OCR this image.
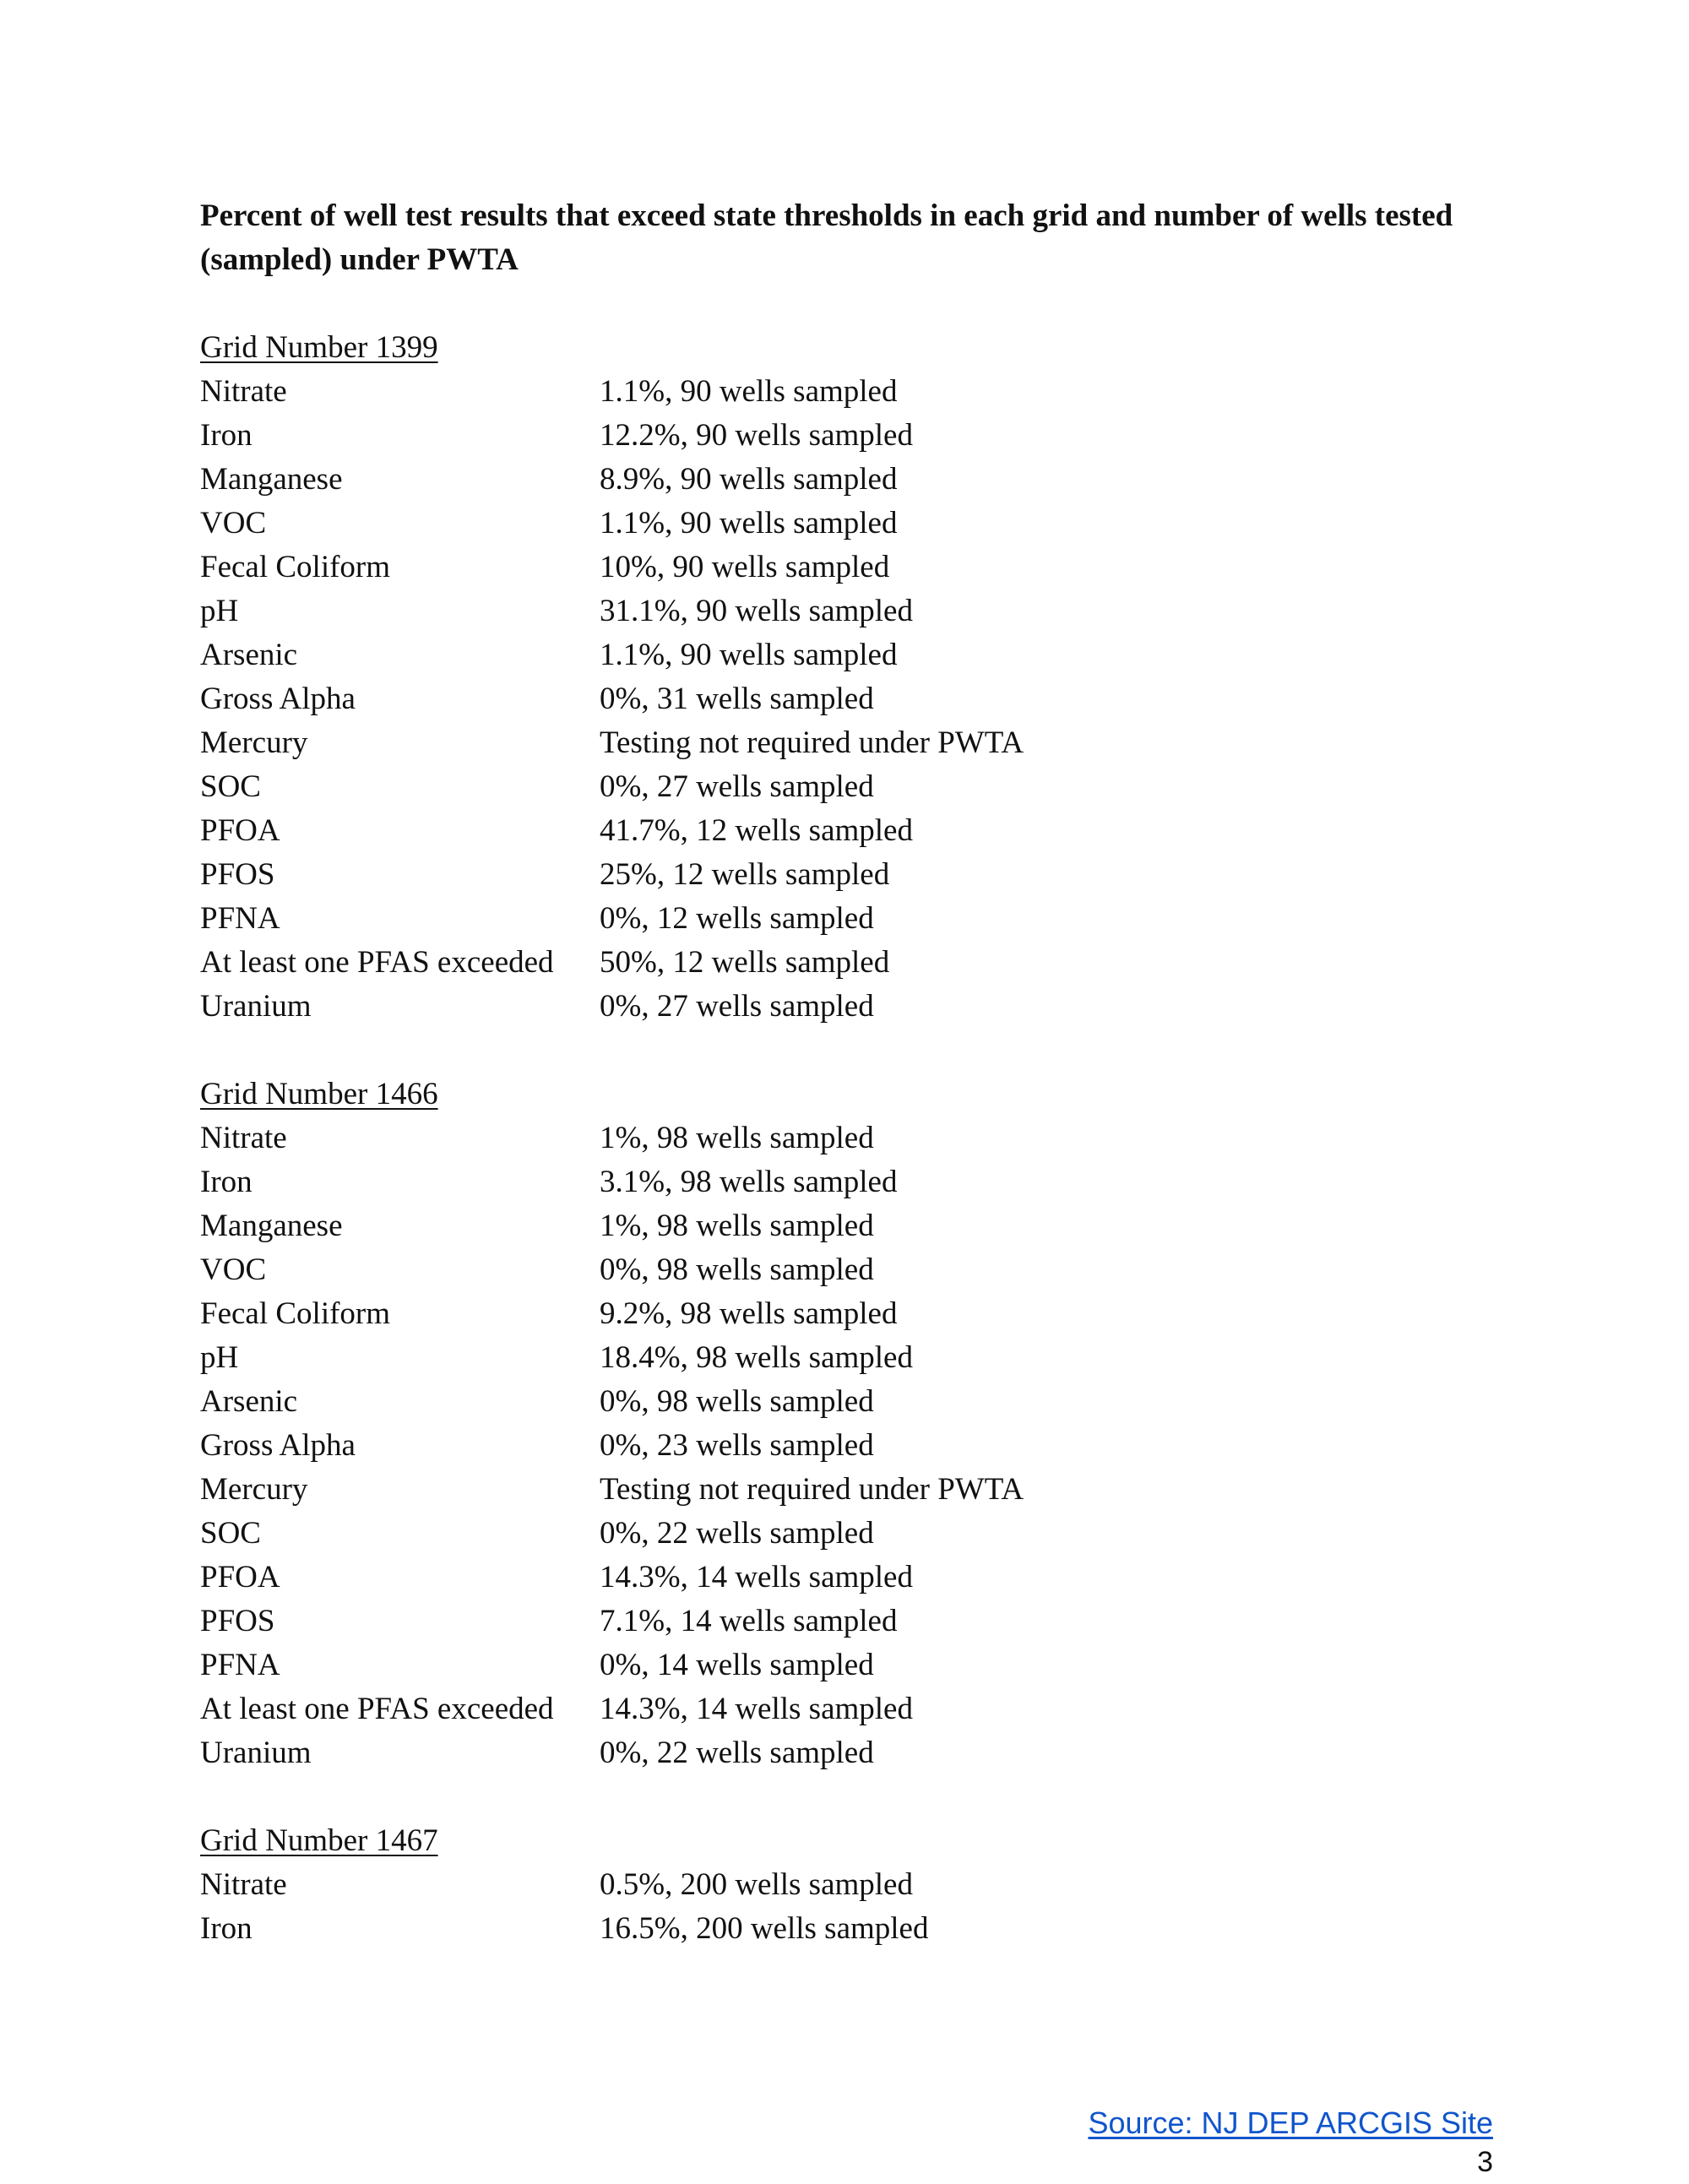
Percent of well test results that exceed state thresholds in each grid and number of wells tested (sampled) under PWTA

Grid Number 1399

Nitrate	1.1%, 90 wells sampled
Iron	12.2%, 90 wells sampled
Manganese	8.9%, 90 wells sampled
VOC	1.1%, 90 wells sampled
Fecal Coliform	10%, 90 wells sampled
pH	31.1%, 90 wells sampled
Arsenic	1.1%, 90 wells sampled
Gross Alpha	0%, 31 wells sampled
Mercury	Testing not required under PWTA
SOC	0%, 27 wells sampled
PFOA	41.7%, 12 wells sampled
PFOS	25%, 12 wells sampled
PFNA	0%, 12 wells sampled
At least one PFAS exceeded	50%, 12 wells sampled
Uranium	0%, 27 wells sampled

Grid Number 1466

Nitrate	1%, 98 wells sampled
Iron	3.1%, 98 wells sampled
Manganese	1%, 98 wells sampled
VOC	0%, 98 wells sampled
Fecal Coliform	9.2%, 98 wells sampled
pH	18.4%, 98 wells sampled
Arsenic	0%, 98 wells sampled
Gross Alpha	0%, 23 wells sampled
Mercury	Testing not required under PWTA
SOC	0%, 22 wells sampled
PFOA	14.3%, 14 wells sampled
PFOS	7.1%, 14 wells sampled
PFNA	0%, 14 wells sampled
At least one PFAS exceeded	14.3%, 14 wells sampled
Uranium	0%, 22 wells sampled

Grid Number 1467

Nitrate	0.5%, 200 wells sampled
Iron	16.5%, 200 wells sampled
Source: NJ DEP ARCGIS Site
3
